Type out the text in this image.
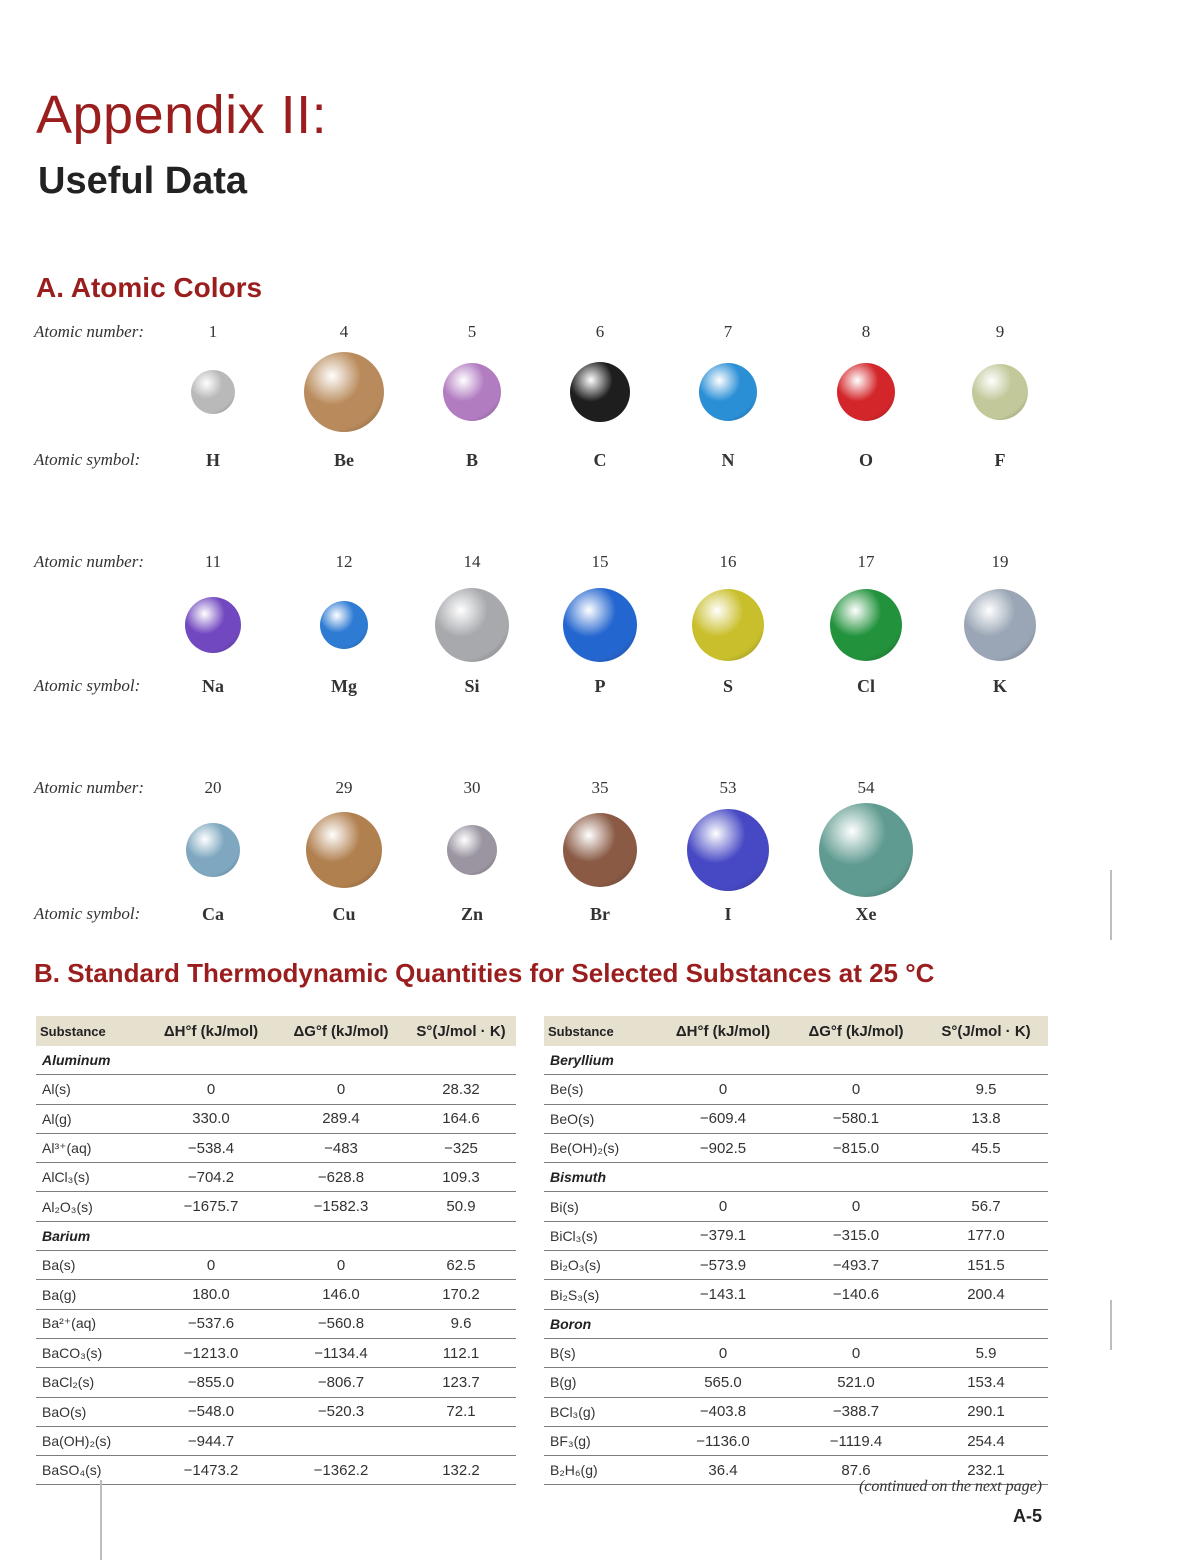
Appendix II:
Useful Data
A. Atomic Colors
Atomic number:
Atomic symbol:
1
H
4
Be
5
B
6
C
7
N
8
O
9
F
Atomic number:
Atomic symbol:
11
Na
12
Mg
14
Si
15
P
16
S
17
Cl
19
K
Atomic number:
Atomic symbol:
20
Ca
29
Cu
30
Zn
35
Br
53
I
54
Xe
B. Standard Thermodynamic Quantities for Selected Substances at 25 °C
Substance	ΔH°f (kJ/mol)	ΔG°f (kJ/mol)	S°(J/mol · K)
Aluminum			
Al(s)	0	0	28.32
Al(g)	330.0	289.4	164.6
Al³⁺(aq)	−538.4	−483	−325
AlCl₃(s)	−704.2	−628.8	109.3
Al₂O₃(s)	−1675.7	−1582.3	50.9
Barium			
Ba(s)	0	0	62.5
Ba(g)	180.0	146.0	170.2
Ba²⁺(aq)	−537.6	−560.8	9.6
BaCO₃(s)	−1213.0	−1134.4	112.1
BaCl₂(s)	−855.0	−806.7	123.7
BaO(s)	−548.0	−520.3	72.1
Ba(OH)₂(s)	−944.7		
BaSO₄(s)	−1473.2	−1362.2	132.2
Substance	ΔH°f (kJ/mol)	ΔG°f (kJ/mol)	S°(J/mol · K)
Beryllium			
Be(s)	0	0	9.5
BeO(s)	−609.4	−580.1	13.8
Be(OH)₂(s)	−902.5	−815.0	45.5
Bismuth			
Bi(s)	0	0	56.7
BiCl₃(s)	−379.1	−315.0	177.0
Bi₂O₃(s)	−573.9	−493.7	151.5
Bi₂S₃(s)	−143.1	−140.6	200.4
Boron			
B(s)	0	0	5.9
B(g)	565.0	521.0	153.4
BCl₃(g)	−403.8	−388.7	290.1
BF₃(g)	−1136.0	−1119.4	254.4
B₂H₆(g)	36.4	87.6	232.1
(continued on the next page)
A-5
